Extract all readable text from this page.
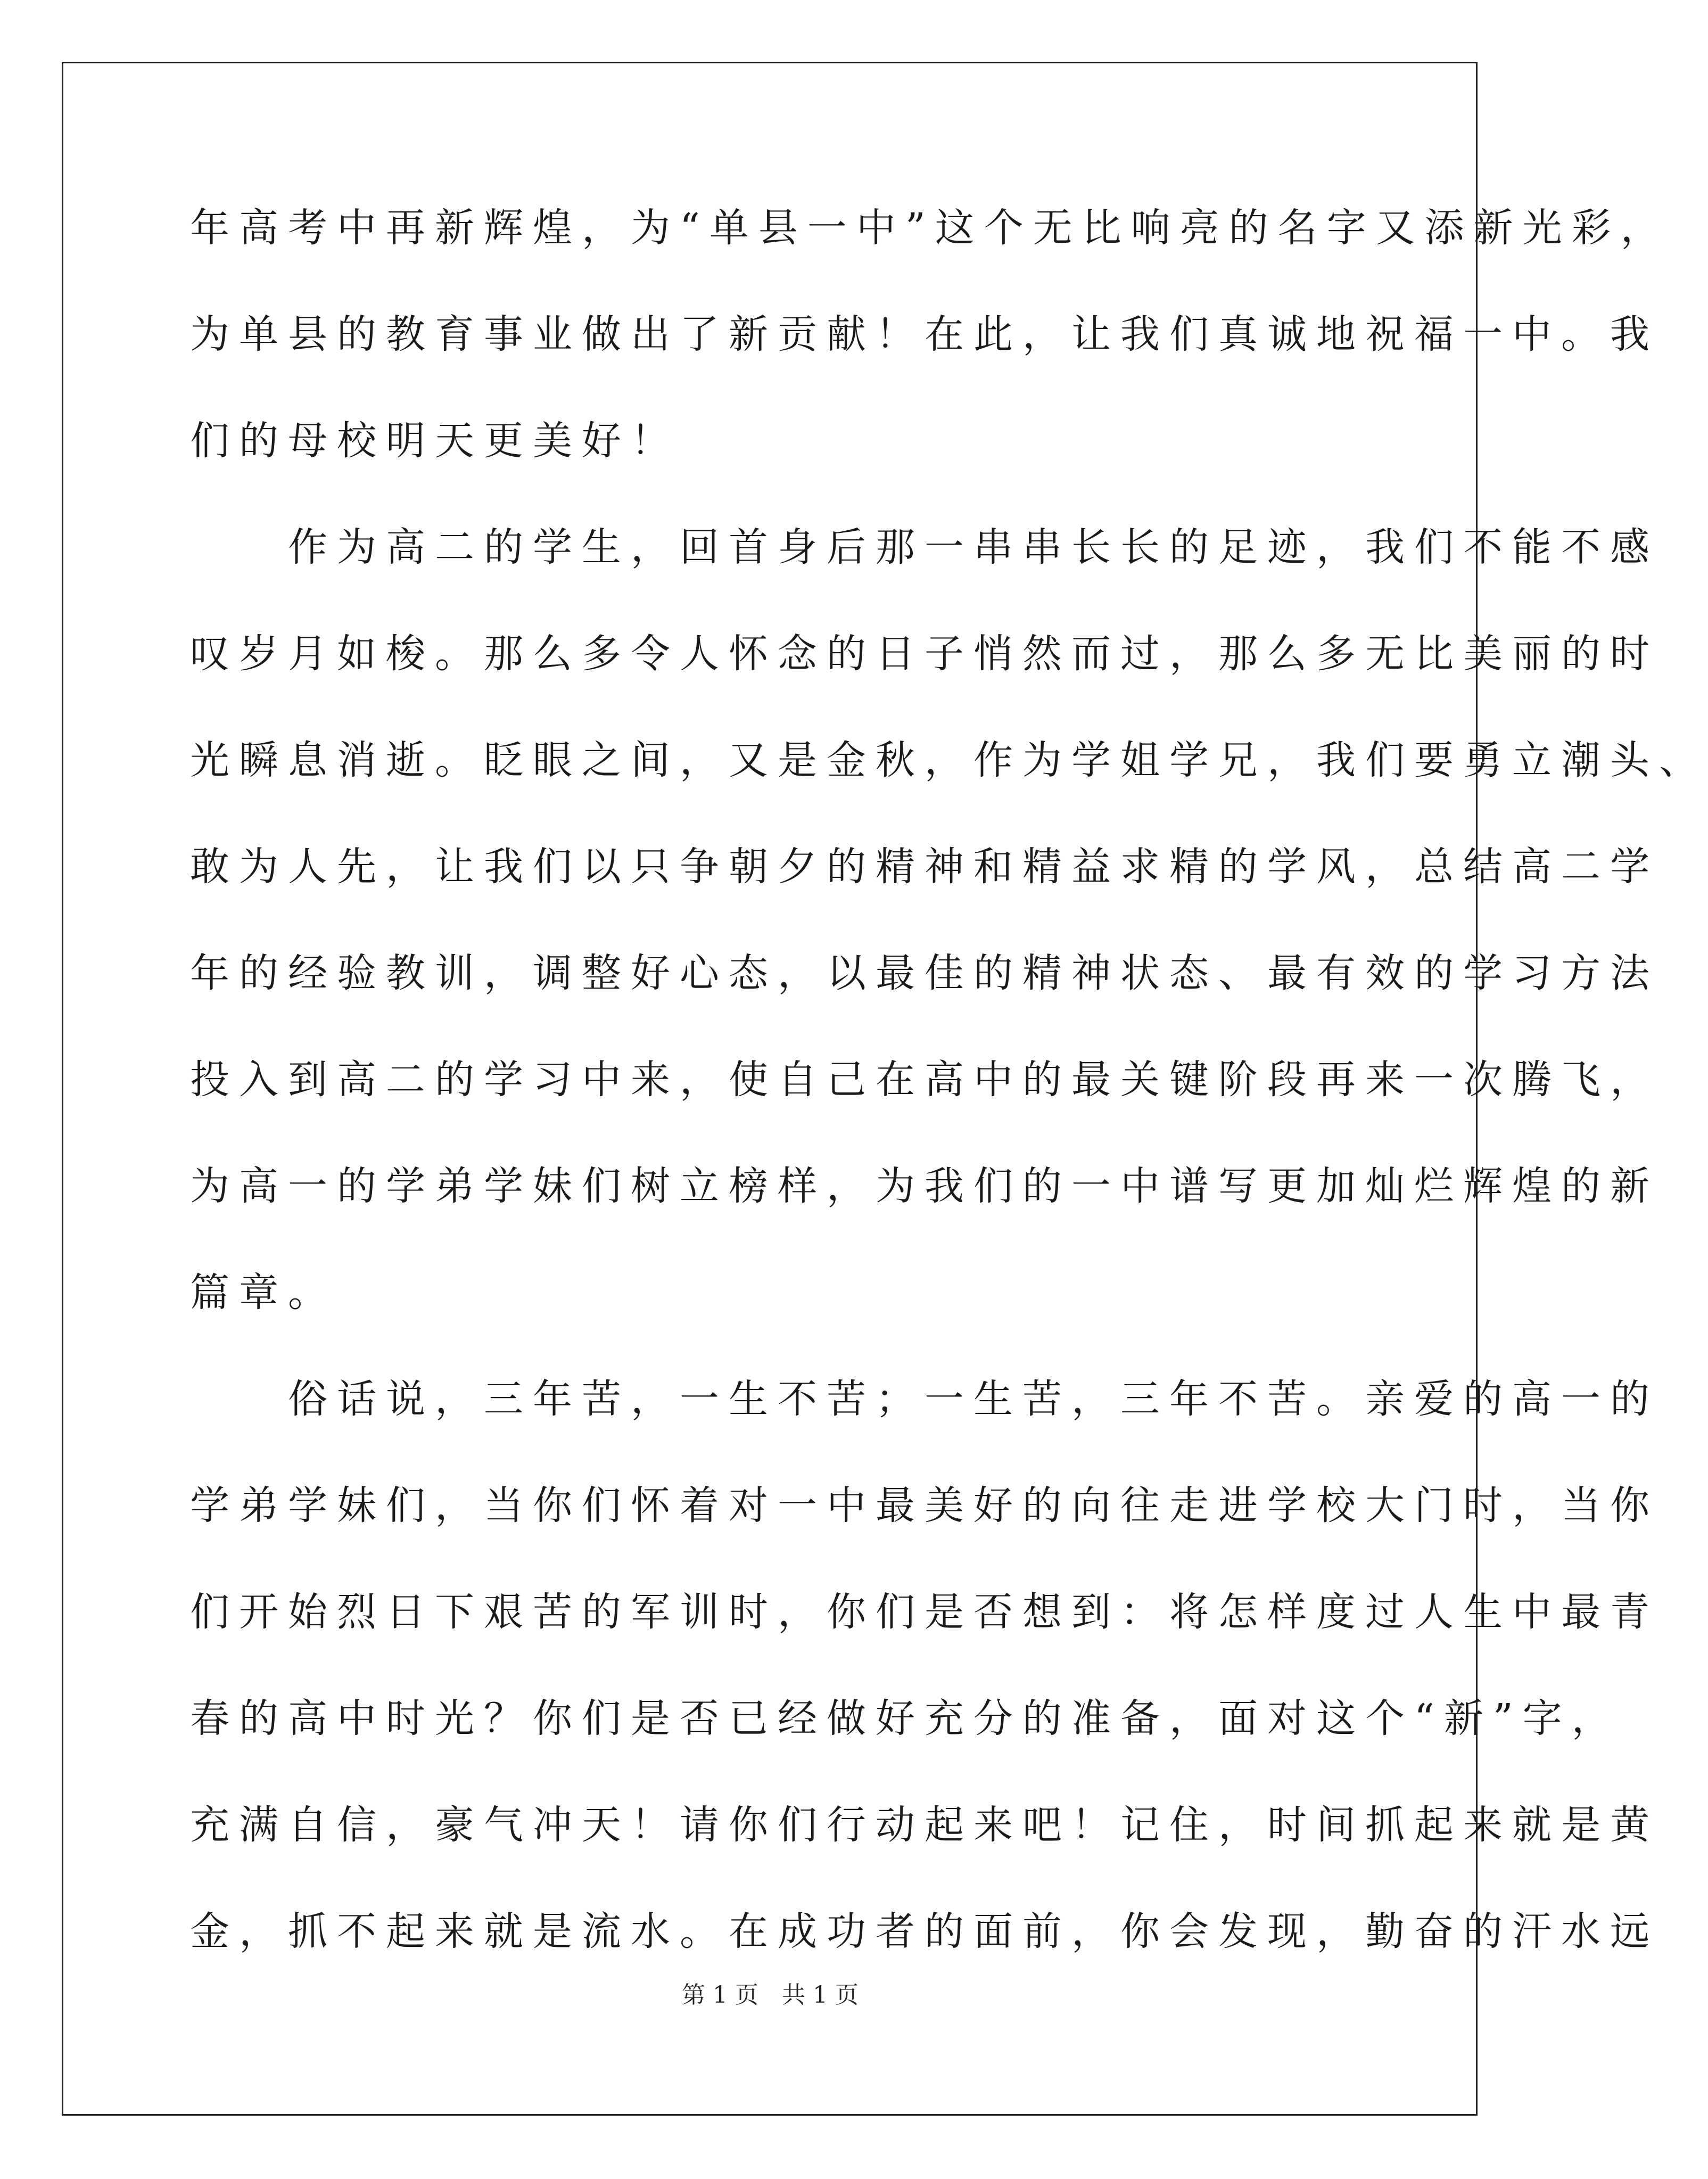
年高考中再新辉煌，为“单县一中”这个无比响亮的名字又添新光彩，
为单县的教育事业做出了新贡献！在此，让我们真诚地祝福一中。我
们的母校明天更美好！
　　作为高二的学生，回首身后那一串串长长的足迹，我们不能不感
叹岁月如梭。那么多令人怀念的日子悄然而过，那么多无比美丽的时
光瞬息消逝。眨眼之间，又是金秋，作为学姐学兄，我们要勇立潮头、
敢为人先，让我们以只争朝夕的精神和精益求精的学风，总结高二学
年的经验教训，调整好心态，以最佳的精神状态、最有效的学习方法
投入到高二的学习中来，使自己在高中的最关键阶段再来一次腾飞，
为高一的学弟学妹们树立榜样，为我们的一中谱写更加灿烂辉煌的新
篇章。
　　俗话说，三年苦，一生不苦；一生苦，三年不苦。亲爱的高一的
学弟学妹们，当你们怀着对一中最美好的向往走进学校大门时，当你
们开始烈日下艰苦的军训时，你们是否想到：将怎样度过人生中最青
春的高中时光？你们是否已经做好充分的准备，面对这个“新”字，
充满自信，豪气冲天！请你们行动起来吧！记住，时间抓起来就是黄
金，抓不起来就是流水。在成功者的面前，你会发现，勤奋的汗水远
第 1 页　共 1 页
